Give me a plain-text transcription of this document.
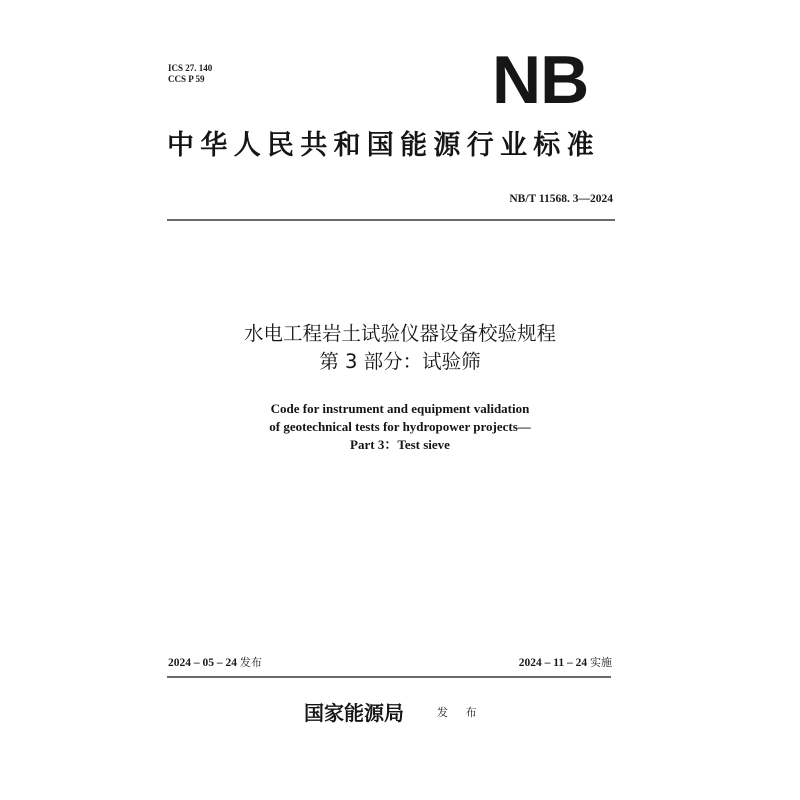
ICS 27. 140
CCS P 59	NB
中华人民共和国能源行业标准
NB/T 11568. 3—2024
水电工程岩土试验仪器设备校验规程
第 3 部分：试验筛
Code for instrument and equipment validation
of geotechnical tests for hydropower projects—
Part 3：Test sieve
2024 – 05 – 24 发布	2024 – 11 – 24 实施
国家能源局	发 布
